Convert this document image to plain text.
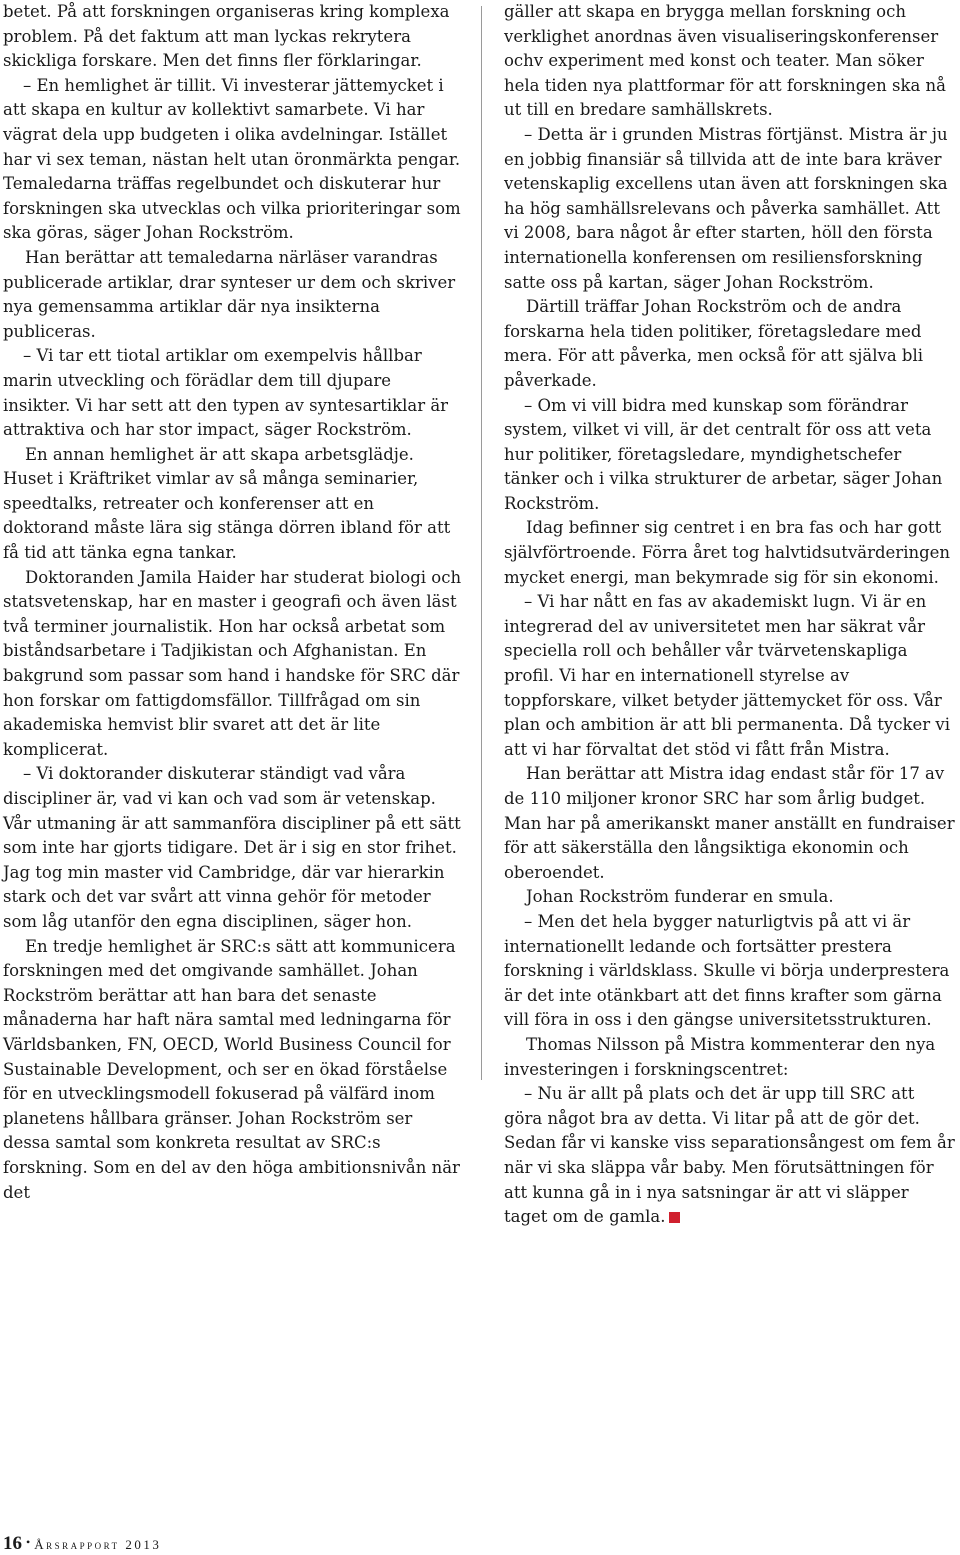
betet. På att forskningen organiseras kring komplexa problem. På det faktum att man lyckas rekrytera skickliga forskare. Men det finns fler förklaringar.

– En hemlighet är tillit. Vi investerar jättemycket i att skapa en kultur av kollektivt samarbete. Vi har vägrat dela upp budgeten i olika avdelningar. Istället har vi sex teman, nästan helt utan öronmärkta pengar. Temaledarna träffas regelbundet och diskuterar hur forskningen ska utvecklas och vilka prioriteringar som ska göras, säger Johan Rockström.

Han berättar att temaledarna närläser varandras publicerade artiklar, drar synteser ur dem och skriver nya gemensamma artiklar där nya insikterna publiceras.

– Vi tar ett tiotal artiklar om exempelvis hållbar marin utveckling och förädlar dem till djupare insikter. Vi har sett att den typen av syntesartiklar är attraktiva och har stor impact, säger Rockström.

En annan hemlighet är att skapa arbetsglädje. Huset i Kräftriket vimlar av så många seminarier, speedtalks, retreater och konferenser att en doktorand måste lära sig stänga dörren ibland för att få tid att tänka egna tankar.

Doktoranden Jamila Haider har studerat biologi och statsvetenskap, har en master i geografi och även läst två terminer journalistik. Hon har också arbetat som biståndsarbetare i Tadjikistan och Afghanistan. En bakgrund som passar som hand i handske för SRC där hon forskar om fattigdomsfällor. Tillfrågad om sin akademiska hemvist blir svaret att det är lite komplicerat.

– Vi doktorander diskuterar ständigt vad våra discipliner är, vad vi kan och vad som är vetenskap. Vår utmaning är att sammanföra discipliner på ett sätt som inte har gjorts tidigare. Det är i sig en stor frihet. Jag tog min master vid Cambridge, där var hierarkin stark och det var svårt att vinna gehör för metoder som låg utanför den egna disciplinen, säger hon.

En tredje hemlighet är SRC:s sätt att kommunicera forskningen med det omgivande samhället. Johan Rockström berättar att han bara det senaste månaderna har haft nära samtal med ledningarna för Världsbanken, FN, OECD, World Business Council for Sustainable Development, och ser en ökad förståelse för en utvecklingsmodell fokuserad på välfärd inom planetens hållbara gränser. Johan Rockström ser dessa samtal som konkreta resultat av SRC:s forskning. Som en del av den höga ambitionsnivån när det

gäller att skapa en brygga mellan forskning och verklighet anordnas även visualiseringskonferenser ochv experiment med konst och teater. Man söker hela tiden nya plattformar för att forskningen ska nå ut till en bredare samhällskrets.

– Detta är i grunden Mistras förtjänst. Mistra är ju en jobbig finansiär så tillvida att de inte bara kräver vetenskaplig excellens utan även att forskningen ska ha hög samhällsrelevans och påverka samhället. Att vi 2008, bara något år efter starten, höll den första internationella konferensen om resiliensforskning satte oss på kartan, säger Johan Rockström.

Därtill träffar Johan Rockström och de andra forskarna hela tiden politiker, företagsledare med mera. För att påverka, men också för att själva bli påverkade.

– Om vi vill bidra med kunskap som förändrar system, vilket vi vill, är det centralt för oss att veta hur politiker, företagsledare, myndighetschefer tänker och i vilka strukturer de arbetar, säger Johan Rockström.

Idag befinner sig centret i en bra fas och har gott självförtroende. Förra året tog halvtidsutvärderingen mycket energi, man bekymrade sig för sin ekonomi.

– Vi har nått en fas av akademiskt lugn. Vi är en integrerad del av universitetet men har säkrat vår speciella roll och behåller vår tvärvetenskapliga profil. Vi har en internationell styrelse av toppforskare, vilket betyder jättemycket för oss. Vår plan och ambition är att bli permanenta. Då tycker vi att vi har förvaltat det stöd vi fått från Mistra.

Han berättar att Mistra idag endast står för 17 av de 110 miljoner kronor SRC har som årlig budget. Man har på amerikanskt maner anställt en fundraiser för att säkerställa den långsiktiga ekonomin och oberoendet.

Johan Rockström funderar en smula.

– Men det hela bygger naturligtvis på att vi är internationellt ledande och fortsätter prestera forskning i världsklass. Skulle vi börja underprestera är det inte otänkbart att det finns krafter som gärna vill föra in oss i den gängse universitetsstrukturen.

Thomas Nilsson på Mistra kommenterar den nya investeringen i forskningscentret:

– Nu är allt på plats och det är upp till SRC att göra något bra av detta. Vi litar på att de gör det. Sedan får vi kanske viss separationsångest om fem år när vi ska släppa vår baby. Men förutsättningen för att kunna gå in i nya satsningar är att vi släpper taget om de gamla.

16 • Årsrapport 2013
